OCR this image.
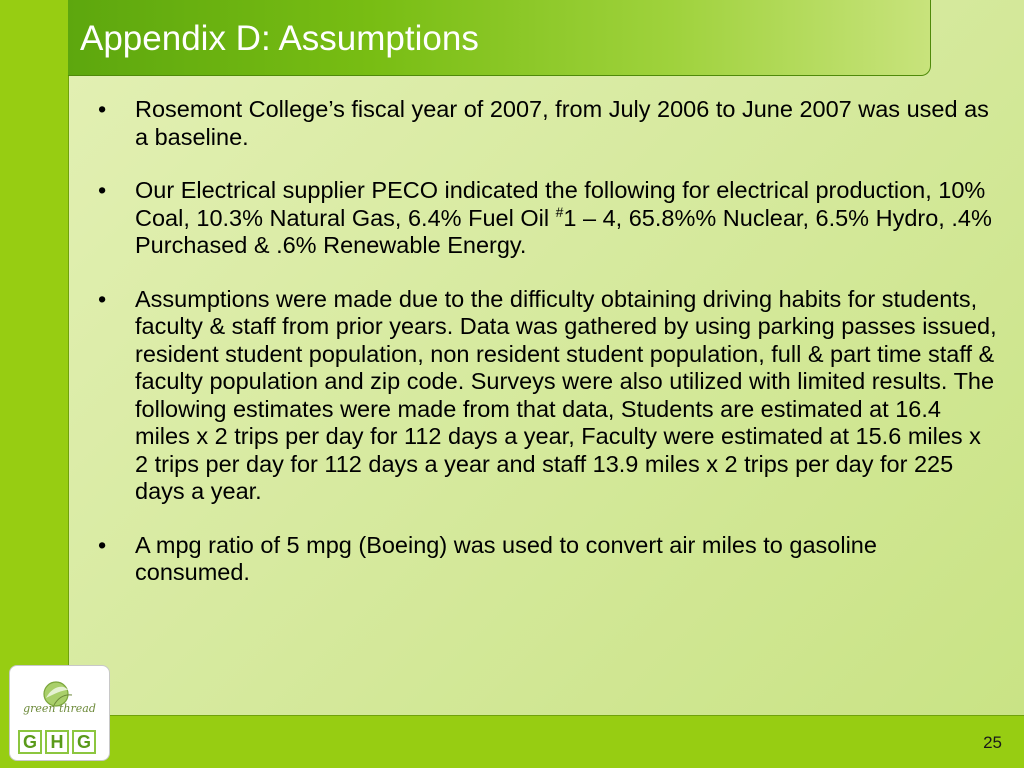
Appendix D: Assumptions
• Rosemont College’s fiscal year of 2007, from July 2006 to June 2007 was used as a baseline.
• Our Electrical supplier PECO indicated the following for electrical production, 10% Coal, 10.3% Natural Gas, 6.4% Fuel Oil #1 – 4, 65.8%% Nuclear, 6.5% Hydro, .4% Purchased & .6% Renewable Energy.
• Assumptions were made due to the difficulty obtaining driving habits for students, faculty & staff from prior years. Data was gathered by using parking passes issued, resident student population, non resident student population, full & part time staff & faculty population and zip code. Surveys were also utilized with limited results. The following estimates were made from that data, Students are estimated at 16.4 miles x 2 trips per day for 112 days a year, Faculty were estimated at 15.6 miles x 2 trips per day for 112 days a year and staff 13.9 miles x 2 trips per day for 225 days a year.
• A mpg ratio of 5 mpg (Boeing) was used to convert air miles to gasoline consumed.
green thread
G H G	25
